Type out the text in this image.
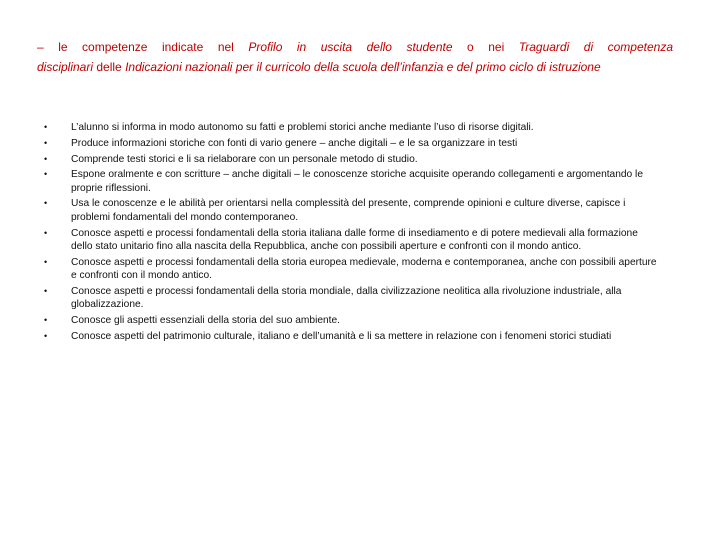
– le competenze indicate nel Profilo in uscita dello studente o nei Traguardi di competenza
disciplinari delle Indicazioni nazionali per il curricolo della scuola dell’infanzia e del primo ciclo di istruzione
• L’alunno si informa in modo autonomo su fatti e problemi storici anche mediante l’uso di risorse digitali.
• Produce informazioni storiche con fonti di vario genere – anche digitali – e le sa organizzare in testi
• Comprende testi storici e li sa rielaborare con un personale metodo di studio.
• Espone oralmente e con scritture – anche digitali – le conoscenze storiche acquisite operando collegamenti e argomentando le proprie riflessioni.
• Usa le conoscenze e le abilità per orientarsi nella complessità del presente, comprende opinioni e culture diverse, capisce i problemi fondamentali del mondo contemporaneo.
• Conosce aspetti e processi fondamentali della storia italiana dalle forme di insediamento e di potere medievali alla formazione dello stato unitario fino alla nascita della Repubblica, anche con possibili aperture e confronti con il mondo antico.
• Conosce aspetti e processi fondamentali della storia europea medievale, moderna e contemporanea, anche con possibili aperture e confronti con il mondo antico.
• Conosce aspetti e processi fondamentali della storia mondiale, dalla civilizzazione neolitica alla rivoluzione industriale, alla globalizzazione.
• Conosce gli aspetti essenziali della storia del suo ambiente.
• Conosce aspetti del patrimonio culturale, italiano e dell’umanità e li sa mettere in relazione con i fenomeni storici studiati
